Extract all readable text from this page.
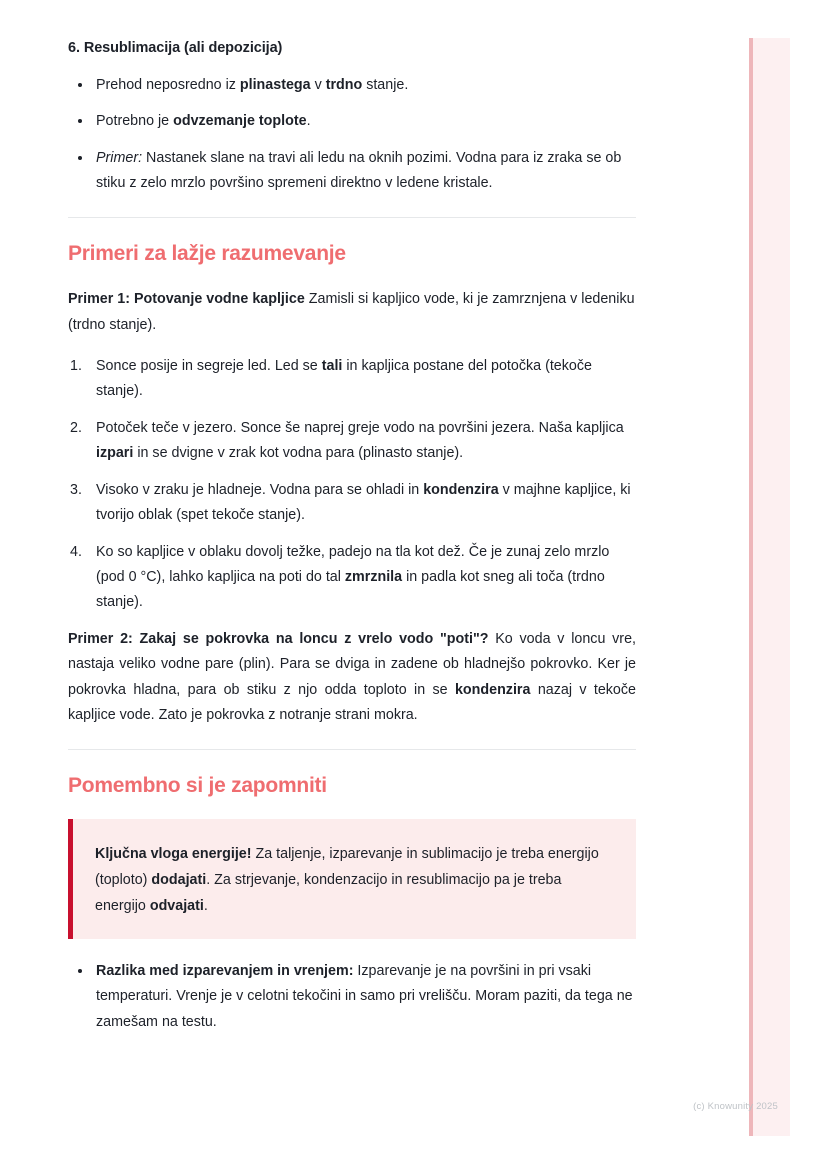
6. Resublimacija (ali depozicija)
Prehod neposredno iz plinastega v trdno stanje.
Potrebno je odvzemanje toplote.
Primer: Nastanek slane na travi ali ledu na oknih pozimi. Vodna para iz zraka se ob stiku z zelo mrzlo površino spremeni direktno v ledene kristale.
Primeri za lažje razumevanje

Primer 1: Potovanje vodne kapljice Zamisli si kapljico vode, ki je zamrznjena v ledeniku (trdno stanje).

Sonce posije in segreje led. Led se tali in kapljica postane del potočka (tekoče stanje).
Potoček teče v jezero. Sonce še naprej greje vodo na površini jezera. Naša kapljica izpari in se dvigne v zrak kot vodna para (plinasto stanje).
Visoko v zraku je hladneje. Vodna para se ohladi in kondenzira v majhne kapljice, ki tvorijo oblak (spet tekoče stanje).
Ko so kapljice v oblaku dovolj težke, padejo na tla kot dež. Če je zunaj zelo mrzlo (pod 0 °C), lahko kapljica na poti do tal zmrznila in padla kot sneg ali toča (trdno stanje).

Primer 2: Zakaj se pokrovka na loncu z vrelo vodo "poti"? Ko voda v loncu vre, nastaja veliko vodne pare (plin). Para se dviga in zadene ob hladnejšo pokrovko. Ker je pokrovka hladna, para ob stiku z njo odda toploto in se kondenzira nazaj v tekoče kapljice vode. Zato je pokrovka z notranje strani mokra.

Pomembno si je zapomniti

Ključna vloga energije! Za taljenje, izparevanje in sublimacijo je treba energijo (toploto) dodajati. Za strjevanje, kondenzacijo in resublimacijo pa je treba energijo odvajati.

Razlika med izparevanjem in vrenjem: Izparevanje je na površini in pri vsaki temperaturi. Vrenje je v celotni tekočini in samo pri vrelišču. Moram paziti, da tega ne zamešam na testu.
(c) Knowunity 2025
